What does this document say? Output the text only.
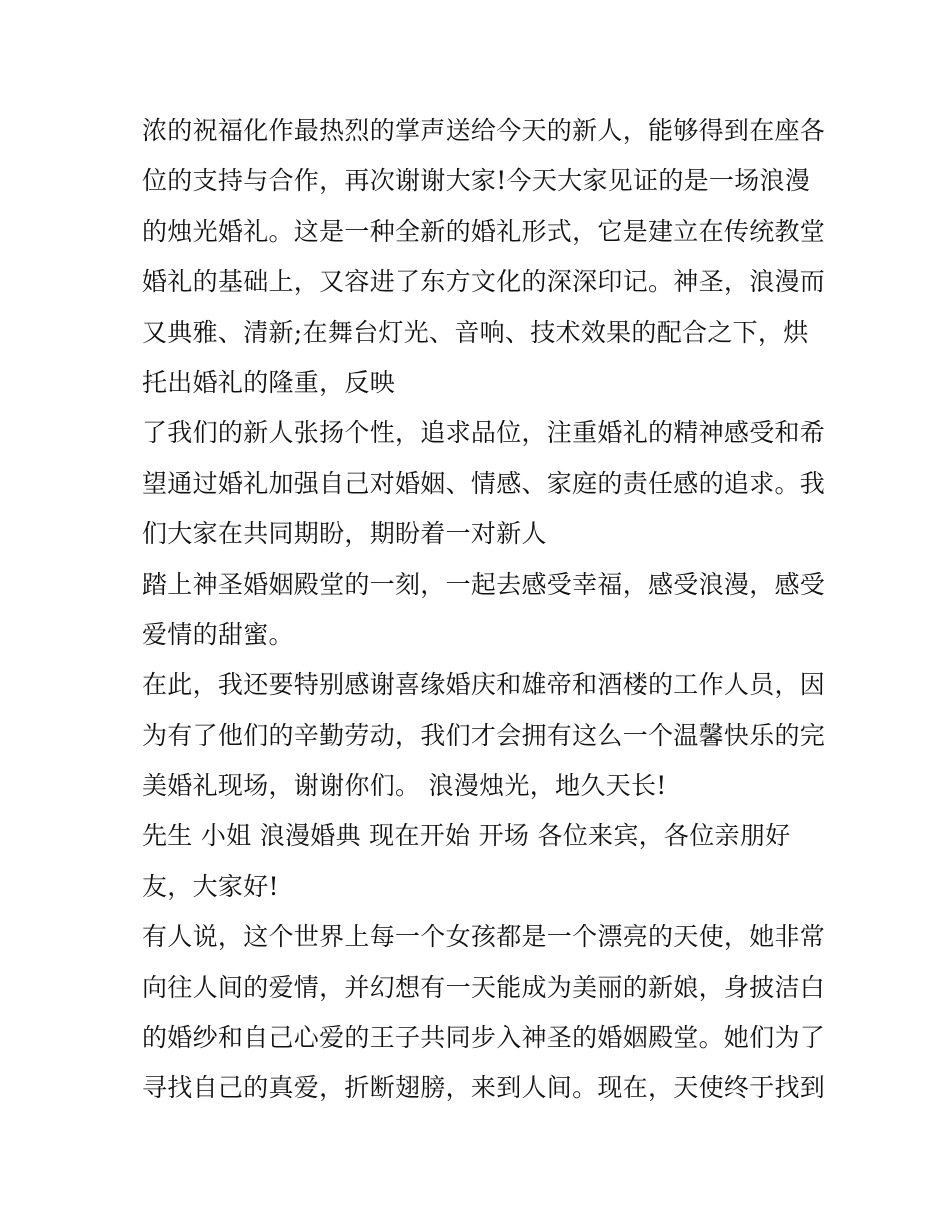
浓的祝福化作最热烈的掌声送给今天的新人，能够得到在座各
位的支持与合作，再次谢谢大家!今天大家见证的是一场浪漫
的烛光婚礼。这是一种全新的婚礼形式，它是建立在传统教堂
婚礼的基础上，又容进了东方文化的深深印记。神圣，浪漫而
又典雅、清新;在舞台灯光、音响、技术效果的配合之下，烘
托出婚礼的隆重，反映
了我们的新人张扬个性，追求品位，注重婚礼的精神感受和希
望通过婚礼加强自己对婚姻、情感、家庭的责任感的追求。我
们大家在共同期盼，期盼着一对新人
踏上神圣婚姻殿堂的一刻，一起去感受幸福，感受浪漫，感受
爱情的甜蜜。
在此，我还要特别感谢喜缘婚庆和雄帝和酒楼的工作人员，因
为有了他们的辛勤劳动，我们才会拥有这么一个温馨快乐的完
美婚礼现场，谢谢你们。 浪漫烛光，地久天长!
先生 小姐 浪漫婚典 现在开始 开场 各位来宾，各位亲朋好
友，大家好!
有人说，这个世界上每一个女孩都是一个漂亮的天使，她非常
向往人间的爱情，并幻想有一天能成为美丽的新娘，身披洁白
的婚纱和自己心爱的王子共同步入神圣的婚姻殿堂。她们为了
寻找自己的真爱，折断翅膀，来到人间。现在，天使终于找到
